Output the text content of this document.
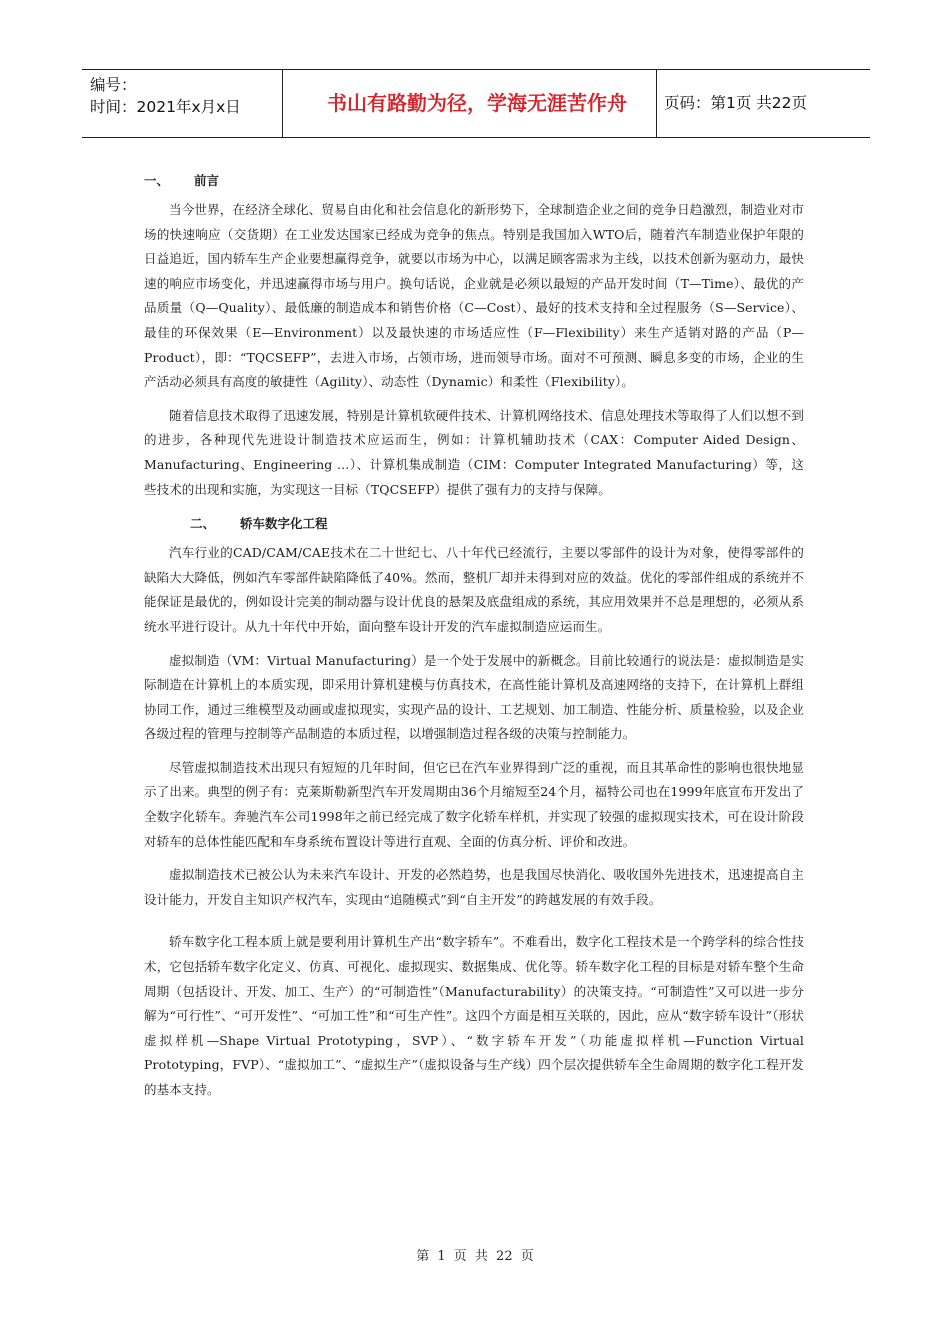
编号：
时间：2021年x月x日	书山有路勤为径，学海无涯苦作舟	页码：第1页 共22页
一、 前言

当今世界，在经济全球化、贸易自由化和社会信息化的新形势下，全球制造企业之间的竞争日趋激烈，制造业对市场的快速响应（交货期）在工业发达国家已经成为竞争的焦点。特别是我国加入WTO后，随着汽车制造业保护年限的日益追近，国内轿车生产企业要想赢得竞争，就要以市场为中心，以满足顾客需求为主线，以技术创新为驱动力，最快速的响应市场变化，并迅速赢得市场与用户。换句话说，企业就是必须以最短的产品开发时间（T—Time）、最优的产品质量（Q—Quality）、最低廉的制造成本和销售价格（C—Cost）、最好的技术支持和全过程服务（S—Service）、最佳的环保效果（E—Environment）以及最快速的市场适应性（F—Flexibility）来生产适销对路的产品（P—Product），即：“TQCSEFP”，去进入市场，占领市场，进而领导市场。面对不可预测、瞬息多变的市场，企业的生产活动必须具有高度的敏捷性（Agility）、动态性（Dynamic）和柔性（Flexibility）。

随着信息技术取得了迅速发展，特别是计算机软硬件技术、计算机网络技术、信息处理技术等取得了人们以想不到的进步，各种现代先进设计制造技术应运而生，例如：计算机辅助技术（CAX：Computer Aided Design、Manufacturing、Engineering …）、计算机集成制造（CIM：Computer Integrated Manufacturing）等，这些技术的出现和实施，为实现这一目标（TQCSEFP）提供了强有力的支持与保障。

二、 轿车数字化工程

汽车行业的CAD/CAM/CAE技术在二十世纪七、八十年代已经流行，主要以零部件的设计为对象，使得零部件的缺陷大大降低，例如汽车零部件缺陷降低了40%。然而，整机厂却并未得到对应的效益。优化的零部件组成的系统并不能保证是最优的，例如设计完美的制动器与设计优良的悬架及底盘组成的系统，其应用效果并不总是理想的，必须从系统水平进行设计。从九十年代中开始，面向整车设计开发的汽车虚拟制造应运而生。

虚拟制造（VM：Virtual Manufacturing）是一个处于发展中的新概念。目前比较通行的说法是：虚拟制造是实际制造在计算机上的本质实现，即采用计算机建模与仿真技术，在高性能计算机及高速网络的支持下，在计算机上群组协同工作，通过三维模型及动画或虚拟现实，实现产品的设计、工艺规划、加工制造、性能分析、质量检验，以及企业各级过程的管理与控制等产品制造的本质过程，以增强制造过程各级的决策与控制能力。

尽管虚拟制造技术出现只有短短的几年时间，但它已在汽车业界得到广泛的重视，而且其革命性的影响也很快地显示了出来。典型的例子有：克莱斯勒新型汽车开发周期由36个月缩短至24个月，福特公司也在1999年底宣布开发出了全数字化轿车。奔驰汽车公司1998年之前已经完成了数字化轿车样机，并实现了较强的虚拟现实技术，可在设计阶段对轿车的总体性能匹配和车身系统布置设计等进行直观、全面的仿真分析、评价和改进。

虚拟制造技术已被公认为未来汽车设计、开发的必然趋势，也是我国尽快消化、吸收国外先进技术，迅速提高自主设计能力，开发自主知识产权汽车，实现由“追随模式”到“自主开发”的跨越发展的有效手段。

轿车数字化工程本质上就是要利用计算机生产出“数字轿车”。不难看出，数字化工程技术是一个跨学科的综合性技术，它包括轿车数字化定义、仿真、可视化、虚拟现实、数据集成、优化等。轿车数字化工程的目标是对轿车整个生命周期（包括设计、开发、加工、生产）的“可制造性”（Manufacturability）的决策支持。“可制造性”又可以进一步分解为“可行性”、“可开发性”、“可加工性”和“可生产性”。这四个方面是相互关联的，因此，应从“数字轿车设计”（形状虚拟样机—Shape Virtual Prototyping，SVP）、“数字轿车开发”（功能虚拟样机—Function Virtual Prototyping，FVP）、“虚拟加工”、“虚拟生产”（虚拟设备与生产线）四个层次提供轿车全生命周期的数字化工程开发的基本支持。

第 1 页 共 22 页
